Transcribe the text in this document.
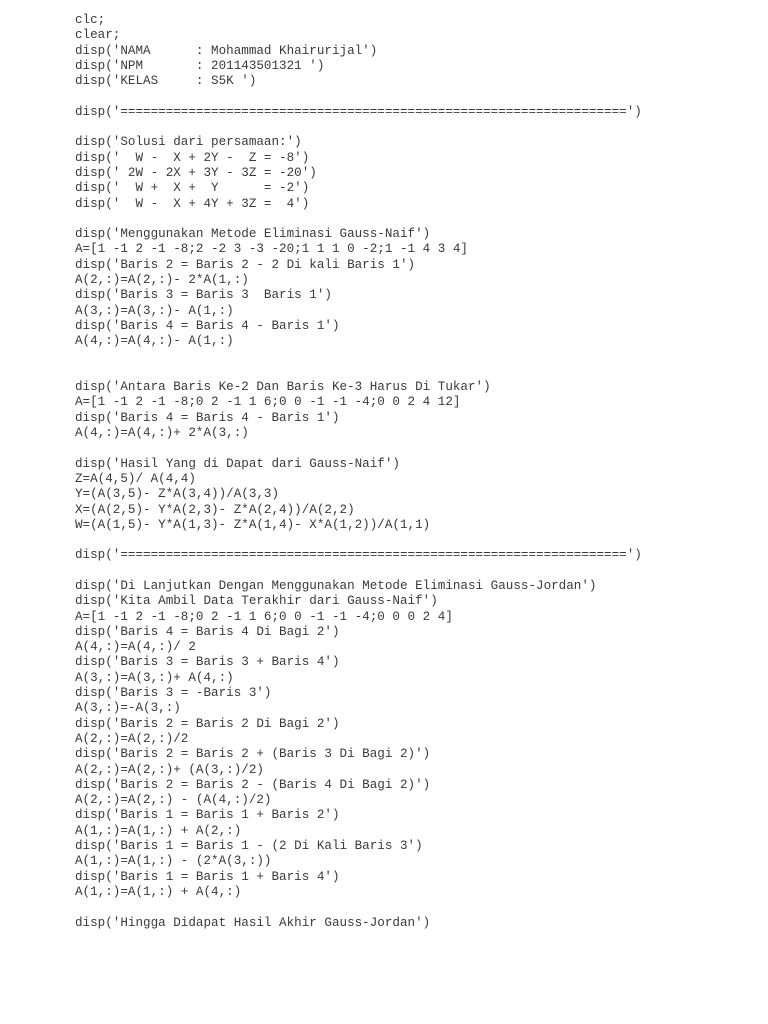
clc;
clear;
disp('NAMA      : Mohammad Khairurijal')
disp('NPM       : 201143501321 ')
disp('KELAS     : S5K ')
disp('===================================================================')
disp('Solusi dari persamaan:')
disp('  W -  X + 2Y -  Z = -8')
disp(' 2W - 2X + 3Y - 3Z = -20')
disp('  W +  X +  Y      = -2')
disp('  W -  X + 4Y + 3Z =  4')
disp('Menggunakan Metode Eliminasi Gauss-Naif')
A=[1 -1 2 -1 -8;2 -2 3 -3 -20;1 1 1 0 -2;1 -1 4 3 4]
disp('Baris 2 = Baris 2 - 2 Di kali Baris 1')
A(2,:)=A(2,:)- 2*A(1,:)
disp('Baris 3 = Baris 3  Baris 1')
A(3,:)=A(3,:)- A(1,:)
disp('Baris 4 = Baris 4 - Baris 1')
A(4,:)=A(4,:)- A(1,:)
disp('Antara Baris Ke-2 Dan Baris Ke-3 Harus Di Tukar')
A=[1 -1 2 -1 -8;0 2 -1 1 6;0 0 -1 -1 -4;0 0 2 4 12]
disp('Baris 4 = Baris 4 - Baris 1')
A(4,:)=A(4,:)+ 2*A(3,:)
disp('Hasil Yang di Dapat dari Gauss-Naif')
Z=A(4,5)/ A(4,4)
Y=(A(3,5)- Z*A(3,4))/A(3,3)
X=(A(2,5)- Y*A(2,3)- Z*A(2,4))/A(2,2)
W=(A(1,5)- Y*A(1,3)- Z*A(1,4)- X*A(1,2))/A(1,1)
disp('===================================================================')
disp('Di Lanjutkan Dengan Menggunakan Metode Eliminasi Gauss-Jordan')
disp('Kita Ambil Data Terakhir dari Gauss-Naif')
A=[1 -1 2 -1 -8;0 2 -1 1 6;0 0 -1 -1 -4;0 0 0 2 4]
disp('Baris 4 = Baris 4 Di Bagi 2')
A(4,:)=A(4,:)/ 2
disp('Baris 3 = Baris 3 + Baris 4')
A(3,:)=A(3,:)+ A(4,:)
disp('Baris 3 = -Baris 3')
A(3,:)=-A(3,:)
disp('Baris 2 = Baris 2 Di Bagi 2')
A(2,:)=A(2,:)/2
disp('Baris 2 = Baris 2 + (Baris 3 Di Bagi 2)')
A(2,:)=A(2,:)+ (A(3,:)/2)
disp('Baris 2 = Baris 2 - (Baris 4 Di Bagi 2)')
A(2,:)=A(2,:) - (A(4,:)/2)
disp('Baris 1 = Baris 1 + Baris 2')
A(1,:)=A(1,:) + A(2,:)
disp('Baris 1 = Baris 1 - (2 Di Kali Baris 3')
A(1,:)=A(1,:) - (2*A(3,:))
disp('Baris 1 = Baris 1 + Baris 4')
A(1,:)=A(1,:) + A(4,:)
disp('Hingga Didapat Hasil Akhir Gauss-Jordan')
